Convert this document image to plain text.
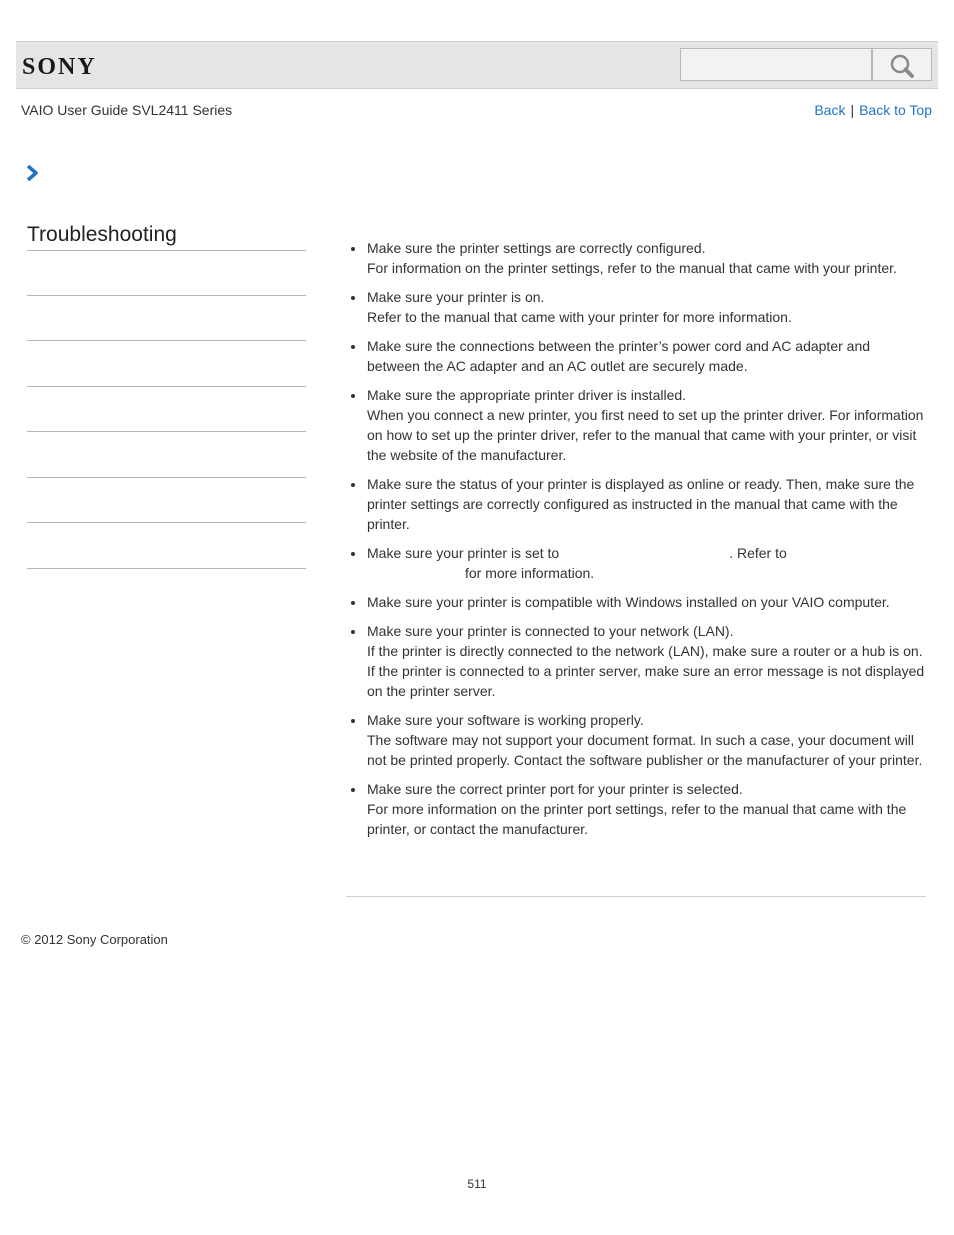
SONY
VAIO User Guide SVL2411 Series	Back | Back to Top
Troubleshooting

Make sure the printer settings are correctly configured.

For information on the printer settings, refer to the manual that came with your printer.

Make sure your printer is on.

Refer to the manual that came with your printer for more information.

Make sure the connections between the printer’s power cord and AC adapter and between the AC adapter and an AC outlet are securely made.

Make sure the appropriate printer driver is installed.

When you connect a new printer, you first need to set up the printer driver. For information on how to set up the printer driver, refer to the manual that came with your printer, or visit the website of the manufacturer.

Make sure the status of your printer is displayed as online or ready. Then, make sure the printer settings are correctly configured as instructed in the manual that came with the printer.

Make sure your printer is set to	. Refer to

for more information.

Make sure your printer is compatible with Windows installed on your VAIO computer.

Make sure your printer is connected to your network (LAN).

If the printer is directly connected to the network (LAN), make sure a router or a hub is on.

If the printer is connected to a printer server, make sure an error message is not displayed on the printer server.

Make sure your software is working properly.

The software may not support your document format. In such a case, your document will not be printed properly. Contact the software publisher or the manufacturer of your printer.

Make sure the correct printer port for your printer is selected.

For more information on the printer port settings, refer to the manual that came with the printer, or contact the manufacturer.

© 2012 Sony Corporation
511
